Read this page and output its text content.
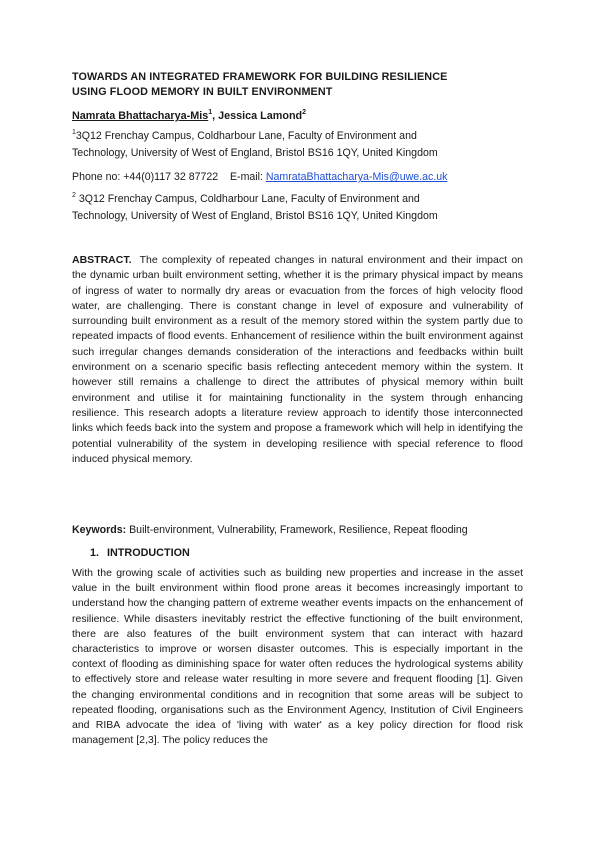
TOWARDS AN INTEGRATED FRAMEWORK FOR BUILDING RESILIENCE
USING FLOOD MEMORY IN BUILT ENVIRONMENT
Namrata Bhattacharya-Mis$^1$, Jessica Lamond$^2$
$^1$3Q12 Frenchay Campus, Coldharbour Lane, Faculty of Environment and
Technology, University of West of England, Bristol BS16 1QY, United Kingdom
Phone no: +44(0)117 32 87722 E-mail: NamrataBhattacharya-Mis@uwe.ac.uk
$^2$ 3Q12 Frenchay Campus, Coldharbour Lane, Faculty of Environment and
Technology, University of West of England, Bristol BS16 1QY, United Kingdom
ABSTRACT. The complexity of repeated changes in natural environment and their impact on the dynamic urban built environment setting, whether it is the primary physical impact by means of ingress of water to normally dry areas or evacuation from the forces of high velocity flood water, are challenging. There is constant change in level of exposure and vulnerability of surrounding built environment as a result of the memory stored within the system partly due to repeated impacts of flood events. Enhancement of resilience within the built environment against such irregular changes demands consideration of the interactions and feedbacks within built environment on a scenario specific basis reflecting antecedent memory within the system. It however still remains a challenge to direct the attributes of physical memory within built environment and utilise it for maintaining functionality in the system through enhancing resilience. This research adopts a literature review approach to identify those interconnected links which feeds back into the system and propose a framework which will help in identifying the potential vulnerability of the system in developing resilience with special reference to flood induced physical memory.
Keywords: Built-environment, Vulnerability, Framework, Resilience, Repeat flooding
1. INTRODUCTION
With the growing scale of activities such as building new properties and increase in the asset value in the built environment within flood prone areas it becomes increasingly important to understand how the changing pattern of extreme weather events impacts on the enhancement of resilience. While disasters inevitably restrict the effective functioning of the built environment, there are also features of the built environment system that can interact with hazard characteristics to improve or worsen disaster outcomes. This is especially important in the context of flooding as diminishing space for water often reduces the hydrological systems ability to effectively store and release water resulting in more severe and frequent flooding [1]. Given the changing environmental conditions and in recognition that some areas will be subject to repeated flooding, organisations such as the Environment Agency, Institution of Civil Engineers and RIBA advocate the idea of 'living with water' as a key policy direction for flood risk management [2,3]. The policy reduces the
